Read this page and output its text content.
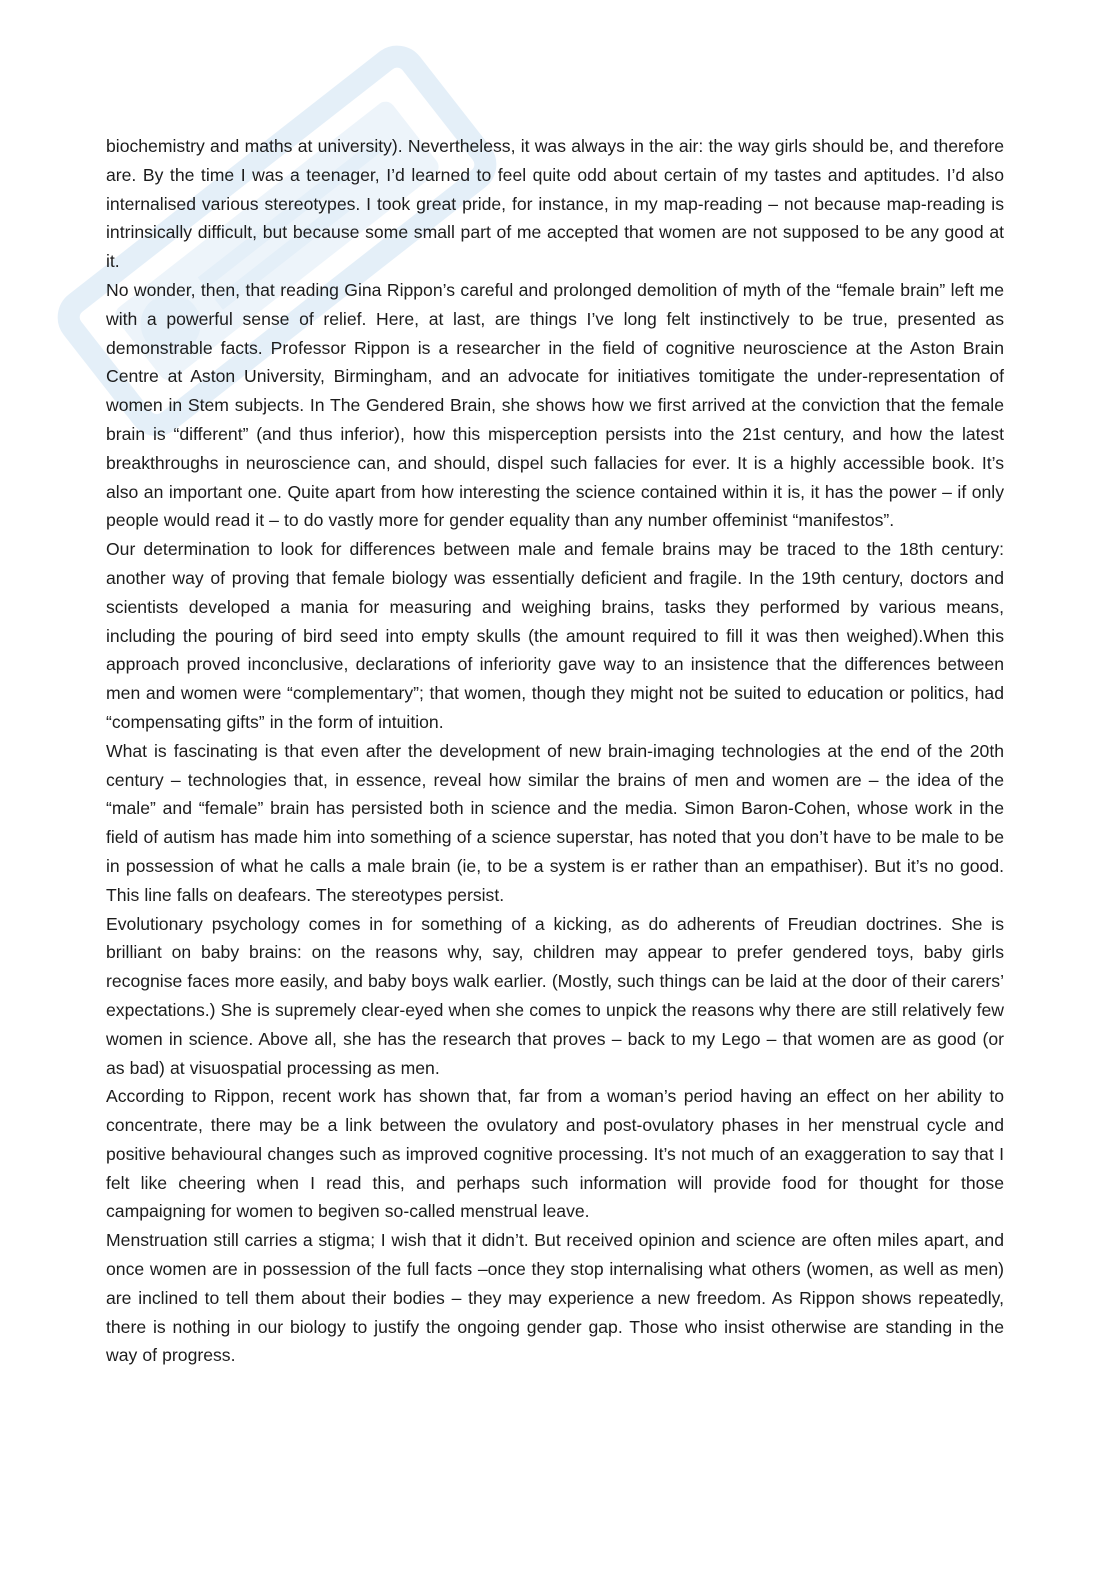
biochemistry and maths at university). Nevertheless, it was always in the air: the way girls should be, and therefore are. By the time I was a teenager, I’d learned to feel quite odd about certain of my tastes and aptitudes. I’d also internalised various stereotypes. I took great pride, for instance, in my map-reading – not because map-reading is intrinsically difficult, but because some small part of me accepted that women are not supposed to be any good at it.

No wonder, then, that reading Gina Rippon’s careful and prolonged demolition of myth of the “female brain” left me with a powerful sense of relief. Here, at last, are things I’ve long felt instinctively to be true, presented as demonstrable facts. Professor Rippon is a researcher in the field of cognitive neuroscience at the Aston Brain Centre at Aston University, Birmingham, and an advocate for initiatives tomitigate the under-representation of women in Stem subjects. In The Gendered Brain, she shows how we first arrived at the conviction that the female brain is “different” (and thus inferior), how this misperception persists into the 21st century, and how the latest breakthroughs in neuroscience can, and should, dispel such fallacies for ever. It is a highly accessible book. It’s also an important one. Quite apart from how interesting the science contained within it is, it has the power – if only people would read it – to do vastly more for gender equality than any number offeminist “manifestos”.

Our determination to look for differences between male and female brains may be traced to the 18th century: another way of proving that female biology was essentially deficient and fragile. In the 19th century, doctors and scientists developed a mania for measuring and weighing brains, tasks they performed by various means, including the pouring of bird seed into empty skulls (the amount required to fill it was then weighed).When this approach proved inconclusive, declarations of inferiority gave way to an insistence that the differences between men and women were “complementary”; that women, though they might not be suited to education or politics, had “compensating gifts” in the form of intuition.

What is fascinating is that even after the development of new brain-imaging technologies at the end of the 20th century – technologies that, in essence, reveal how similar the brains of men and women are – the idea of the “male” and “female” brain has persisted both in science and the media. Simon Baron-Cohen, whose work in the field of autism has made him into something of a science superstar, has noted that you don’t have to be male to be in possession of what he calls a male brain (ie, to be a system is er rather than an empathiser). But it’s no good. This line falls on deafears. The stereotypes persist.

Evolutionary psychology comes in for something of a kicking, as do adherents of Freudian doctrines. She is brilliant on baby brains: on the reasons why, say, children may appear to prefer gendered toys, baby girls recognise faces more easily, and baby boys walk earlier. (Mostly, such things can be laid at the door of their carers’ expectations.) She is supremely clear-eyed when she comes to unpick the reasons why there are still relatively few women in science. Above all, she has the research that proves – back to my Lego – that women are as good (or as bad) at visuospatial processing as men.

According to Rippon, recent work has shown that, far from a woman’s period having an effect on her ability to concentrate, there may be a link between the ovulatory and post-ovulatory phases in her menstrual cycle and positive behavioural changes such as improved cognitive processing. It’s not much of an exaggeration to say that I felt like cheering when I read this, and perhaps such information will provide food for thought for those campaigning for women to begiven so-called menstrual leave.

Menstruation still carries a stigma; I wish that it didn’t. But received opinion and science are often miles apart, and once women are in possession of the full facts –once they stop internalising what others (women, as well as men) are inclined to tell them about their bodies – they may experience a new freedom. As Rippon shows repeatedly, there is nothing in our biology to justify the ongoing gender gap. Those who insist otherwise are standing in the way of progress.
